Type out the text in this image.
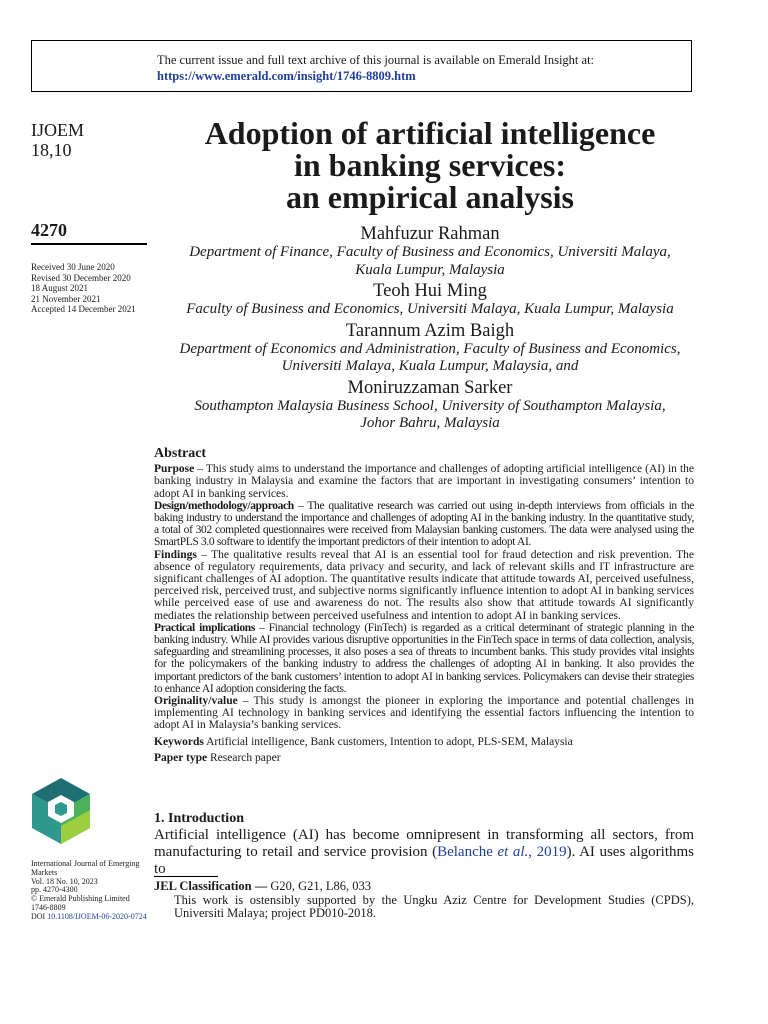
The current issue and full text archive of this journal is available on Emerald Insight at:
https://www.emerald.com/insight/1746-8809.htm
IJOEM
18,10
4270
Received 30 June 2020
Revised 30 December 2020
18 August 2021
21 November 2021
Accepted 14 December 2021
Adoption of artificial intelligence
in banking services:
an empirical analysis
Mahfuzur Rahman
Department of Finance, Faculty of Business and Economics, Universiti Malaya,
Kuala Lumpur, Malaysia
Teoh Hui Ming
Faculty of Business and Economics, Universiti Malaya, Kuala Lumpur, Malaysia
Tarannum Azim Baigh
Department of Economics and Administration, Faculty of Business and Economics,
Universiti Malaya, Kuala Lumpur, Malaysia, and
Moniruzzaman Sarker
Southampton Malaysia Business School, University of Southampton Malaysia,
Johor Bahru, Malaysia
Abstract

Purpose – This study aims to understand the importance and challenges of adopting artificial intelligence (AI) in the banking industry in Malaysia and examine the factors that are important in investigating consumers’ intention to adopt AI in banking services.

Design/methodology/approach – The qualitative research was carried out using in-depth interviews from officials in the baking industry to understand the importance and challenges of adopting AI in the banking industry. In the quantitative study, a total of 302 completed questionnaires were received from Malaysian banking customers. The data were analysed using the SmartPLS 3.0 software to identify the important predictors of their intention to adopt AI.

Findings – The qualitative results reveal that AI is an essential tool for fraud detection and risk prevention. The absence of regulatory requirements, data privacy and security, and lack of relevant skills and IT infrastructure are significant challenges of AI adoption. The quantitative results indicate that attitude towards AI, perceived usefulness, perceived risk, perceived trust, and subjective norms significantly influence intention to adopt AI in banking services while perceived ease of use and awareness do not. The results also show that attitude towards AI significantly mediates the relationship between perceived usefulness and intention to adopt AI in banking services.

Practical implications – Financial technology (FinTech) is regarded as a critical determinant of strategic planning in the banking industry. While AI provides various disruptive opportunities in the FinTech space in terms of data collection, analysis, safeguarding and streamlining processes, it also poses a sea of threats to incumbent banks. This study provides vital insights for the policymakers of the banking industry to address the challenges of adopting AI in banking. It also provides the important predictors of the bank customers’ intention to adopt AI in banking services. Policymakers can devise their strategies to enhance AI adoption considering the facts.

Originality/value – This study is amongst the pioneer in exploring the importance and potential challenges in implementing AI technology in banking services and identifying the essential factors influencing the intention to adopt AI in Malaysia’s banking services.

Keywords Artificial intelligence, Bank customers, Intention to adopt, PLS-SEM, Malaysia

Paper type Research paper

1. Introduction
Artificial intelligence (AI) has become omnipresent in transforming all sectors, from manufacturing to retail and service provision (Belanche et al., 2019). AI uses algorithms to
JEL Classification — G20, G21, L86, 033
This work is ostensibly supported by the Ungku Aziz Centre for Development Studies (CPDS), Universiti Malaya; project PD010-2018.
International Journal of Emerging
Markets
Vol. 18 No. 10, 2023
pp. 4270-4300
© Emerald Publishing Limited
1746-8809
DOI 10.1108/IJOEM-06-2020-0724
